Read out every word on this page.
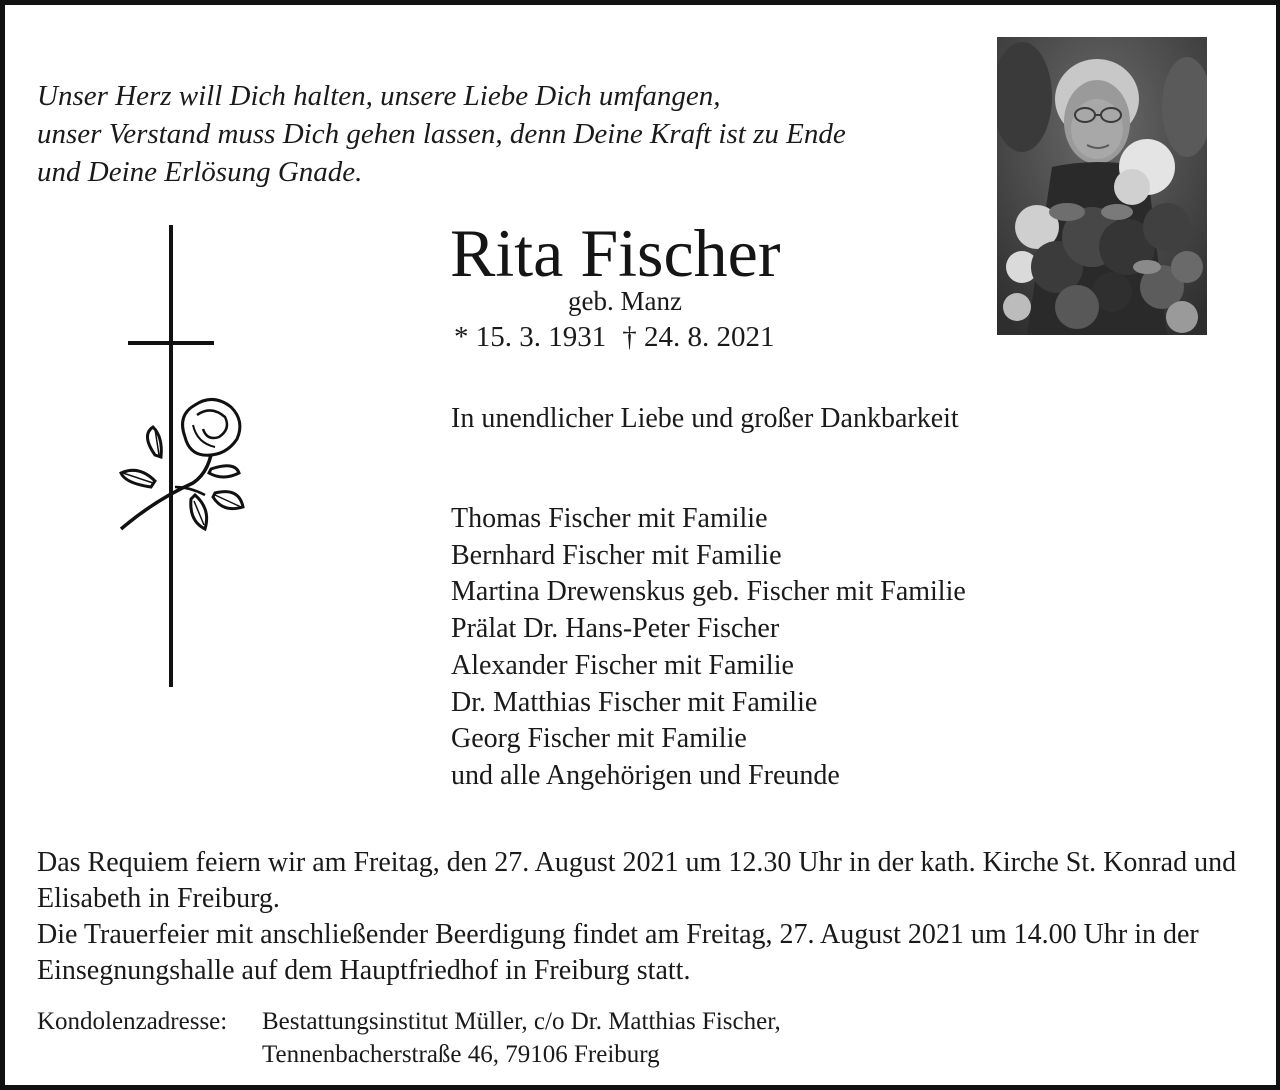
Unser Herz will Dich halten, unsere Liebe Dich umfangen,
unser Verstand muss Dich gehen lassen, denn Deine Kraft ist zu Ende
und Deine Erlösung Gnade.
Rita Fischer
geb. Manz
* 15. 3. 1931 † 24. 8. 2021
In unendlicher Liebe und großer Dankbarkeit
Thomas Fischer mit Familie
Bernhard Fischer mit Familie
Martina Drewenskus geb. Fischer mit Familie
Prälat Dr. Hans-Peter Fischer
Alexander Fischer mit Familie
Dr. Matthias Fischer mit Familie
Georg Fischer mit Familie
und alle Angehörigen und Freunde

Das Requiem feiern wir am Freitag, den 27. August 2021 um 12.30 Uhr in der kath. Kirche St. Konrad und Elisabeth in Freiburg.

Die Trauerfeier mit anschließender Beerdigung findet am Freitag, 27. August 2021 um 14.00 Uhr in der Einsegnungshalle auf dem Hauptfriedhof in Freiburg statt.

Kondolenzadresse:	Bestattungsinstitut Müller, c/o Dr. Matthias Fischer,
Tennenbacherstraße 46, 79106 Freiburg
